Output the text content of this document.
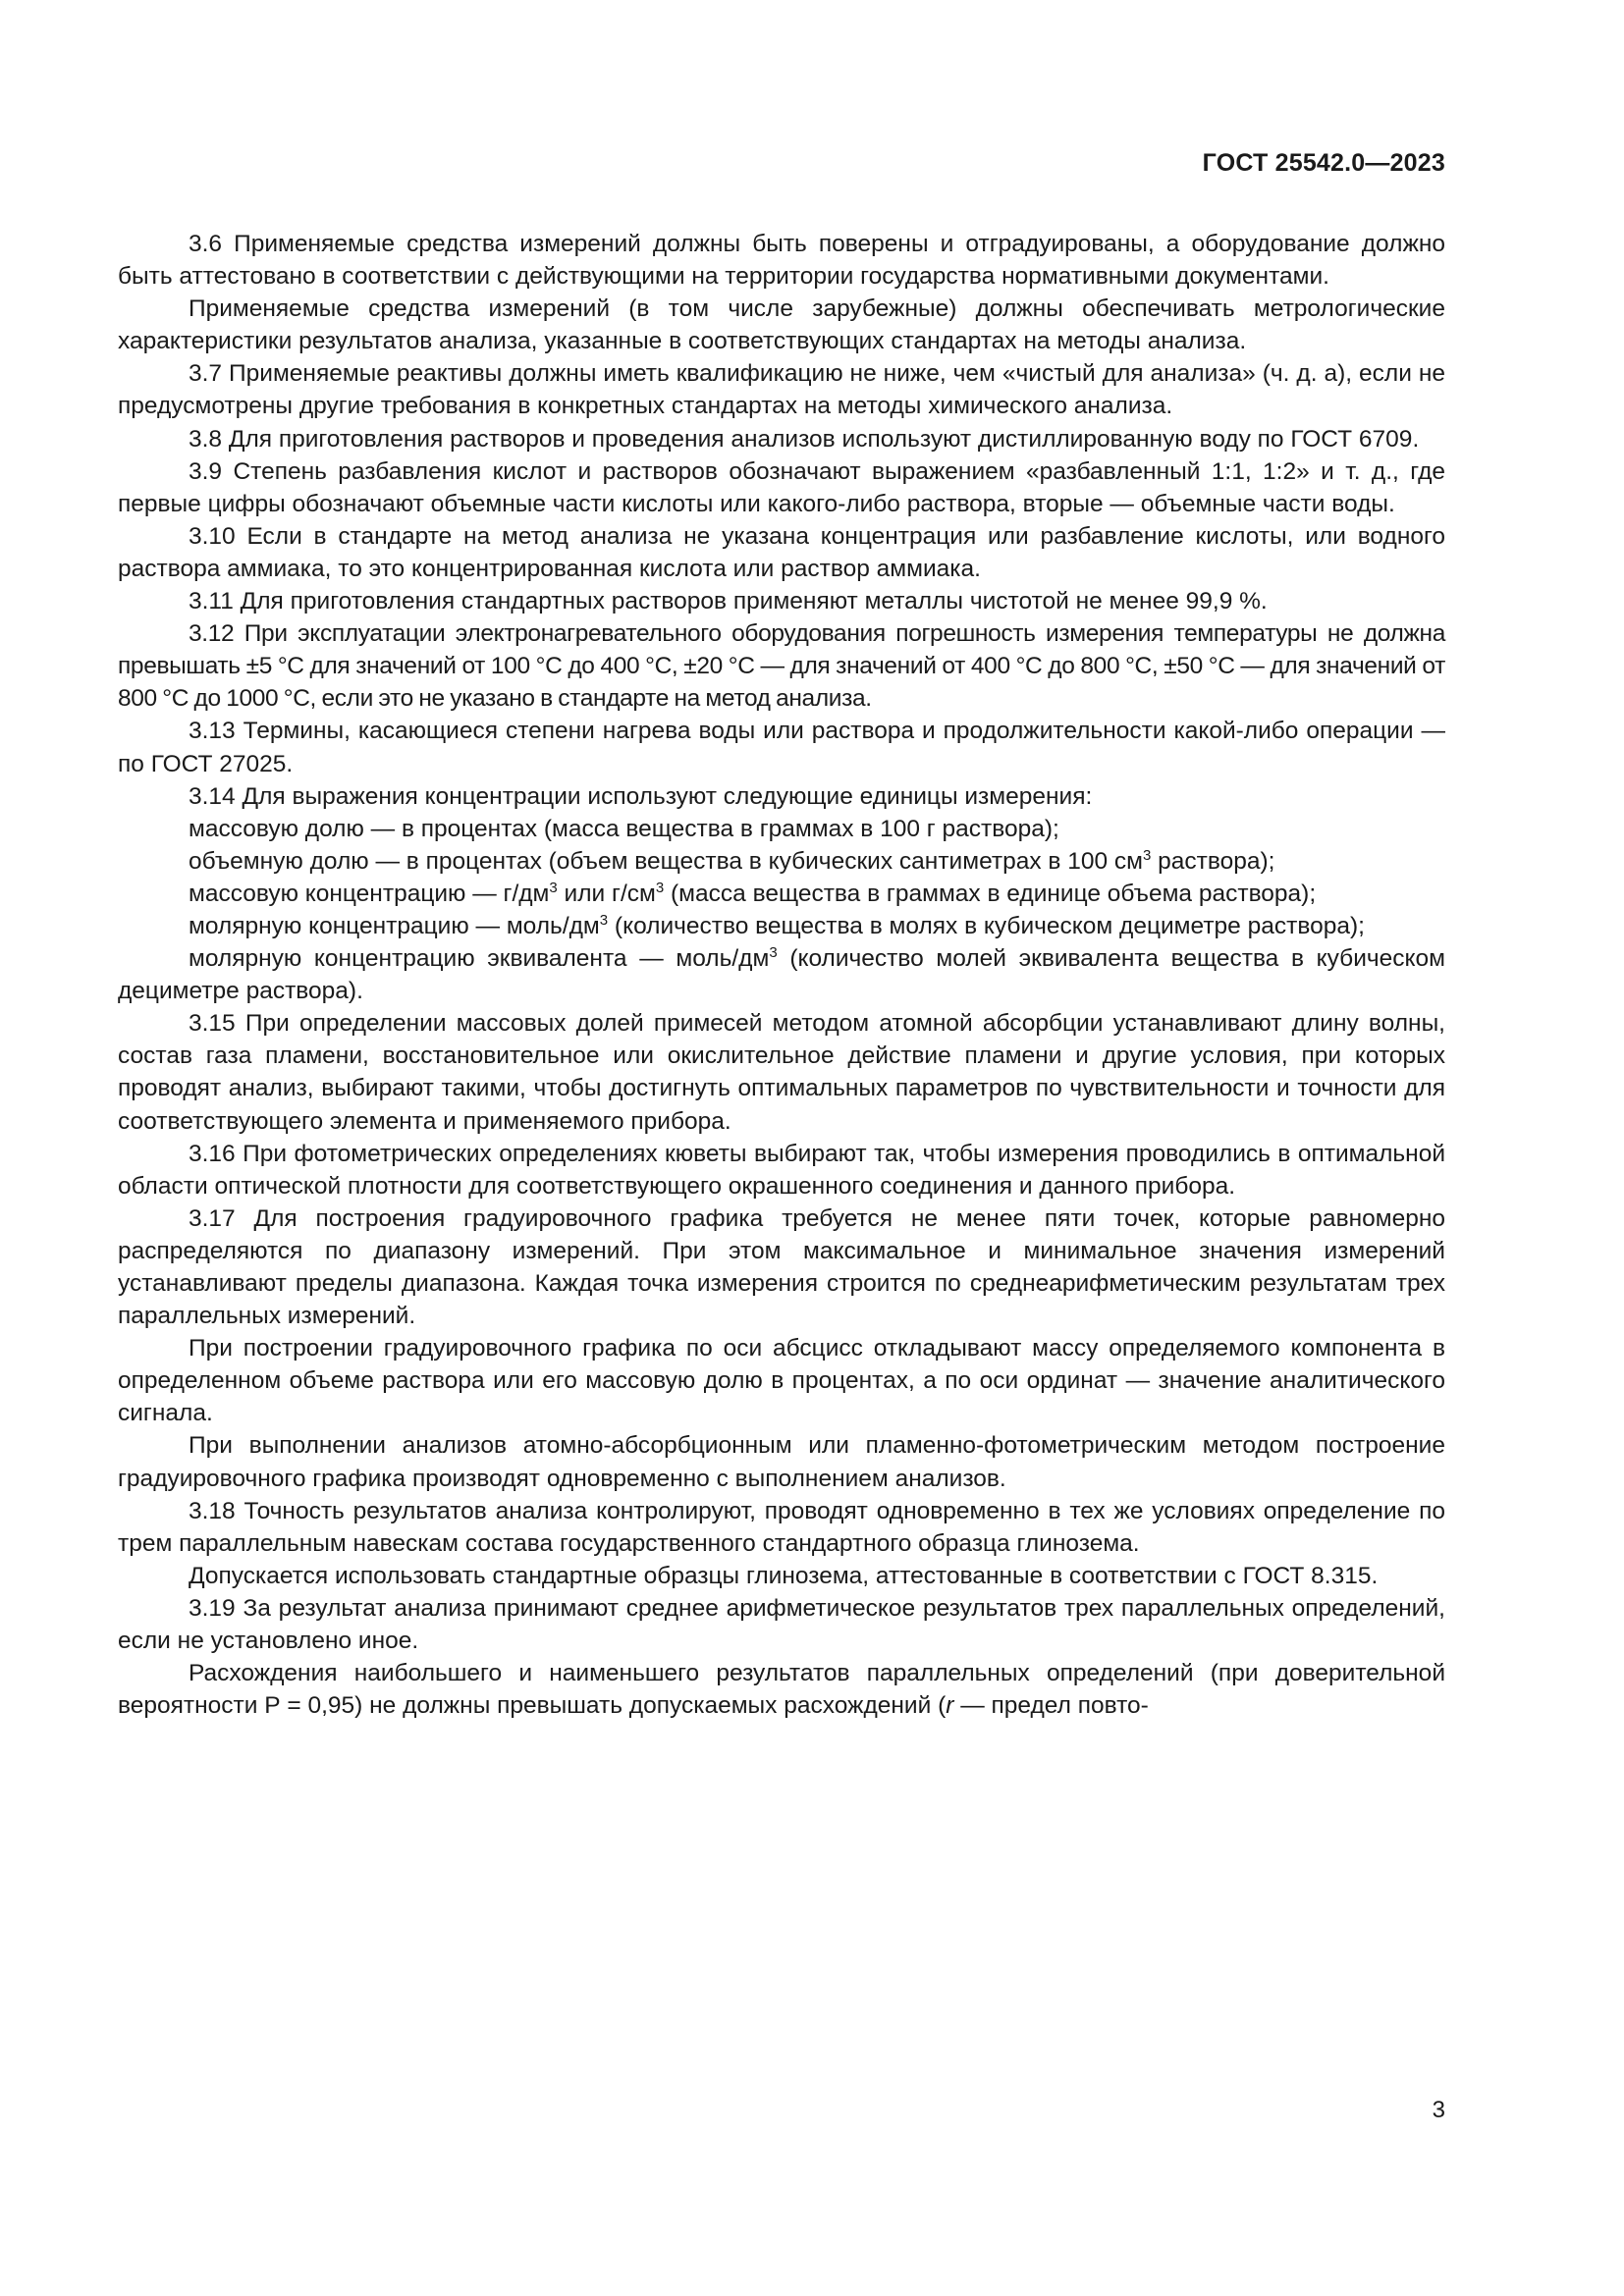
ГОСТ 25542.0—2023

3.6 Применяемые средства измерений должны быть поверены и отградуированы, а оборудование должно быть аттестовано в соответствии с действующими на территории государства нормативными документами.

Применяемые средства измерений (в том числе зарубежные) должны обеспечивать метрологические характеристики результатов анализа, указанные в соответствующих стандартах на методы анализа.

3.7 Применяемые реактивы должны иметь квалификацию не ниже, чем «чистый для анализа» (ч. д. а), если не предусмотрены другие требования в конкретных стандартах на методы химического анализа.

3.8 Для приготовления растворов и проведения анализов используют дистиллированную воду по ГОСТ 6709.

3.9 Степень разбавления кислот и растворов обозначают выражением «разбавленный 1:1, 1:2» и т. д., где первые цифры обозначают объемные части кислоты или какого-либо раствора, вторые — объемные части воды.

3.10 Если в стандарте на метод анализа не указана концентрация или разбавление кислоты, или водного раствора аммиака, то это концентрированная кислота или раствор аммиака.

3.11 Для приготовления стандартных растворов применяют металлы чистотой не менее 99,9 %.

3.12 При эксплуатации электронагревательного оборудования погрешность измерения температуры не должна превышать ±5 °C для значений от 100 °C до 400 °C, ±20 °C — для значений от 400 °C до 800 °C, ±50 °C — для значений от 800 °C до 1000 °C, если это не указано в стандарте на метод анализа.

3.13 Термины, касающиеся степени нагрева воды или раствора и продолжительности какой-либо операции — по ГОСТ 27025.

3.14 Для выражения концентрации используют следующие единицы измерения:

массовую долю — в процентах (масса вещества в граммах в 100 г раствора);

объемную долю — в процентах (объем вещества в кубических сантиметрах в 100 $см^3$ раствора);

массовую концентрацию — $г/дм^3$ или $г/см^3$ (масса вещества в граммах в единице объема раствора);

молярную концентрацию — моль/$дм^3$ (количество вещества в молях в кубическом дециметре раствора);

молярную концентрацию эквивалента — моль/$дм^3$ (количество молей эквивалента вещества в кубическом дециметре раствора).

3.15 При определении массовых долей примесей методом атомной абсорбции устанавливают длину волны, состав газа пламени, восстановительное или окислительное действие пламени и другие условия, при которых проводят анализ, выбирают такими, чтобы достигнуть оптимальных параметров по чувствительности и точности для соответствующего элемента и применяемого прибора.

3.16 При фотометрических определениях кюветы выбирают так, чтобы измерения проводились в оптимальной области оптической плотности для соответствующего окрашенного соединения и данного прибора.

3.17 Для построения градуировочного графика требуется не менее пяти точек, которые равномерно распределяются по диапазону измерений. При этом максимальное и минимальное значения измерений устанавливают пределы диапазона. Каждая точка измерения строится по среднеарифметическим результатам трех параллельных измерений.

При построении градуировочного графика по оси абсцисс откладывают массу определяемого компонента в определенном объеме раствора или его массовую долю в процентах, а по оси ординат — значение аналитического сигнала.

При выполнении анализов атомно-абсорбционным или пламенно-фотометрическим методом построение градуировочного графика производят одновременно с выполнением анализов.

3.18 Точность результатов анализа контролируют, проводят одновременно в тех же условиях определение по трем параллельным навескам состава государственного стандартного образца глинозема.

Допускается использовать стандартные образцы глинозема, аттестованные в соответствии с ГОСТ 8.315.

3.19 За результат анализа принимают среднее арифметическое результатов трех параллельных определений, если не установлено иное.

Расхождения наибольшего и наименьшего результатов параллельных определений (при доверительной вероятности Р = 0,95) не должны превышать допускаемых расхождений (r — предел повто-

3
